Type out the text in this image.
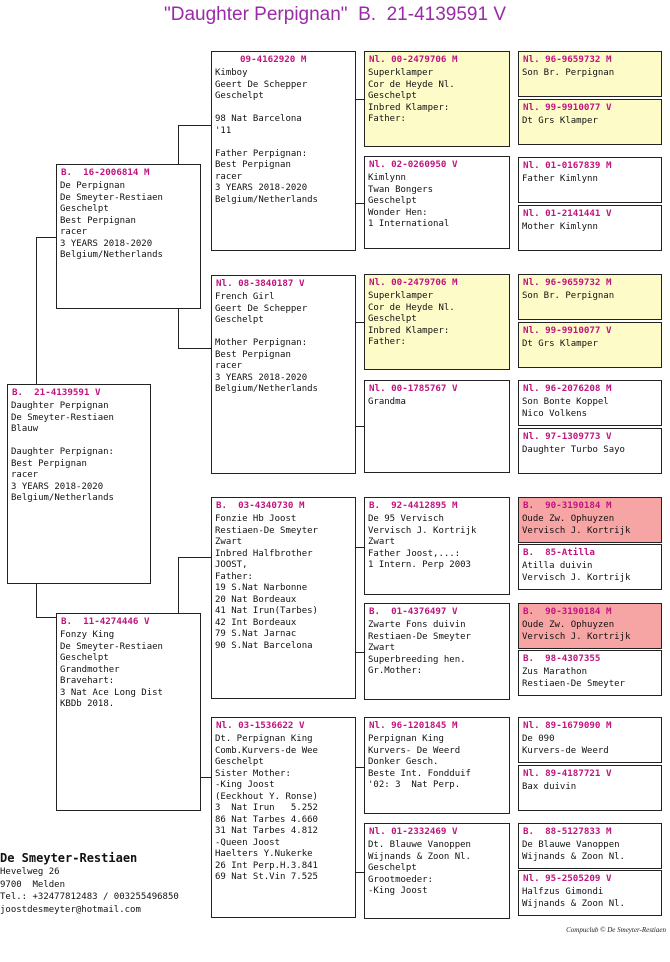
"Daughter Perpignan"  B.  21-4139591 V
B.  21-4139591 V
Daughter Perpignan
De Smeyter-Restiaen
Blauw

Daughter Perpignan:
Best Perpignan
racer
3 YEARS 2018-2020
Belgium/Netherlands
B.  16-2006814 M
De Perpignan
De Smeyter-Restiaen
Geschelpt
Best Perpignan
racer
3 YEARS 2018-2020
Belgium/Netherlands
B.  11-4274446 V
Fonzy King
De Smeyter-Restiaen
Geschelpt
Grandmother
Bravehart:
3 Nat Ace Long Dist
KBDb 2018.
09-4162920 M
Kimboy
Geert De Schepper
Geschelpt

98 Nat Barcelona
'11

Father Perpignan:
Best Perpignan
racer
3 YEARS 2018-2020
Belgium/Netherlands
Nl. 08-3840187 V
French Girl
Geert De Schepper
Geschelpt

Mother Perpignan:
Best Perpignan
racer
3 YEARS 2018-2020
Belgium/Netherlands
B.  03-4340730 M
Fonzie Hb Joost
Restiaen-De Smeyter
Zwart
Inbred Halfbrother
JOOST,
Father:
19 S.Nat Narbonne
20 Nat Bordeaux
41 Nat Irun(Tarbes)
42 Int Bordeaux
79 S.Nat Jarnac
90 S.Nat Barcelona
Nl. 03-1536622 V
Dt. Perpignan King
Comb.Kurvers-de Wee
Geschelpt
Sister Mother:
-King Joost
(Eeckhout Y. Ronse)
3  Nat Irun   5.252
86 Nat Tarbes 4.660
31 Nat Tarbes 4.812
-Queen Joost
Haelters Y.Nukerke
26 Int Perp.H.3.841
69 Nat St.Vin 7.525
Nl. 00-2479706 M
Superklamper
Cor de Heyde Nl.
Geschelpt
Inbred Klamper:
Father:
Nl. 02-0260950 V
Kimlynn
Twan Bongers
Geschelpt
Wonder Hen:
1 International
Nl. 00-2479706 M
Superklamper
Cor de Heyde Nl.
Geschelpt
Inbred Klamper:
Father:
Nl. 00-1785767 V
Grandma
B.  92-4412895 M
De 95 Vervisch
Vervisch J. Kortrijk
Zwart
Father Joost,...:
1 Intern. Perp 2003
B.  01-4376497 V
Zwarte Fons duivin
Restiaen-De Smeyter
Zwart
Superbreeding hen.
Gr.Mother:
Nl. 96-1201845 M
Perpignan King
Kurvers- De Weerd
Donker Gesch.
Beste Int. Fondduif
'02: 3  Nat Perp.
Nl. 01-2332469 V
Dt. Blauwe Vanoppen
Wijnands & Zoon Nl.
Geschelpt
Grootmoeder:
-King Joost
Nl. 96-9659732 M
Son Br. Perpignan
Nl. 99-9910077 V
Dt Grs Klamper
Nl. 01-0167839 M
Father Kimlynn
Nl. 01-2141441 V
Mother Kimlynn
Nl. 96-9659732 M
Son Br. Perpignan
Nl. 99-9910077 V
Dt Grs Klamper
Nl. 96-2076208 M
Son Bonte Koppel
Nico Volkens
Nl. 97-1309773 V
Daughter Turbo Sayo
B.  90-3190184 M
Oude Zw. Ophuyzen
Vervisch J. Kortrijk
B.  85-Atilla
Atilla duivin
Vervisch J. Kortrijk
B.  90-3190184 M
Oude Zw. Ophuyzen
Vervisch J. Kortrijk
B.  98-4307355
Zus Marathon
Restiaen-De Smeyter
Nl. 89-1679090 M
De 090
Kurvers-de Weerd
Nl. 89-4187721 V
Bax duivin
B.  88-5127833 M
De Blauwe Vanoppen
Wijnands & Zoon Nl.
Nl. 95-2505209 V
Halfzus Gimondi
Wijnands & Zoon Nl.
De Smeyter-Restiaen
Hevelweg 26
9700  Melden
Tel.: +32477812483 / 003255496850
joostdesmeyter@hotmail.com
Compuclub © De Smeyter-Restiaen
